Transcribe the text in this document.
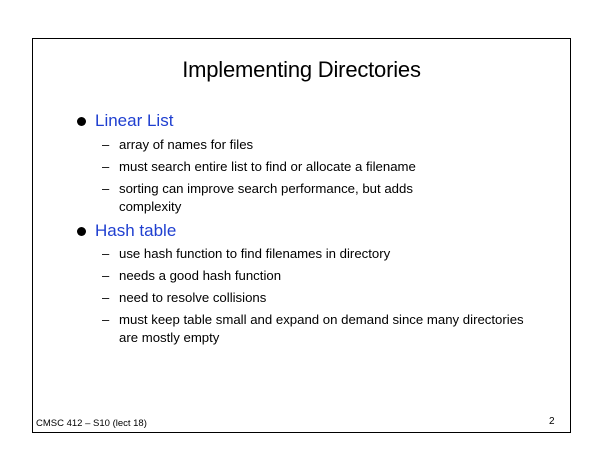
Implementing Directories
Linear List
– array of names for files
– must search entire list to find or allocate a filename
– sorting can improve search performance, but adds complexity
Hash table
– use hash function to find filenames in directory
– needs a good hash function
– need to resolve collisions
– must keep table small and expand on demand since many directories are mostly empty
CMSC 412 – S10 (lect 18)	2
